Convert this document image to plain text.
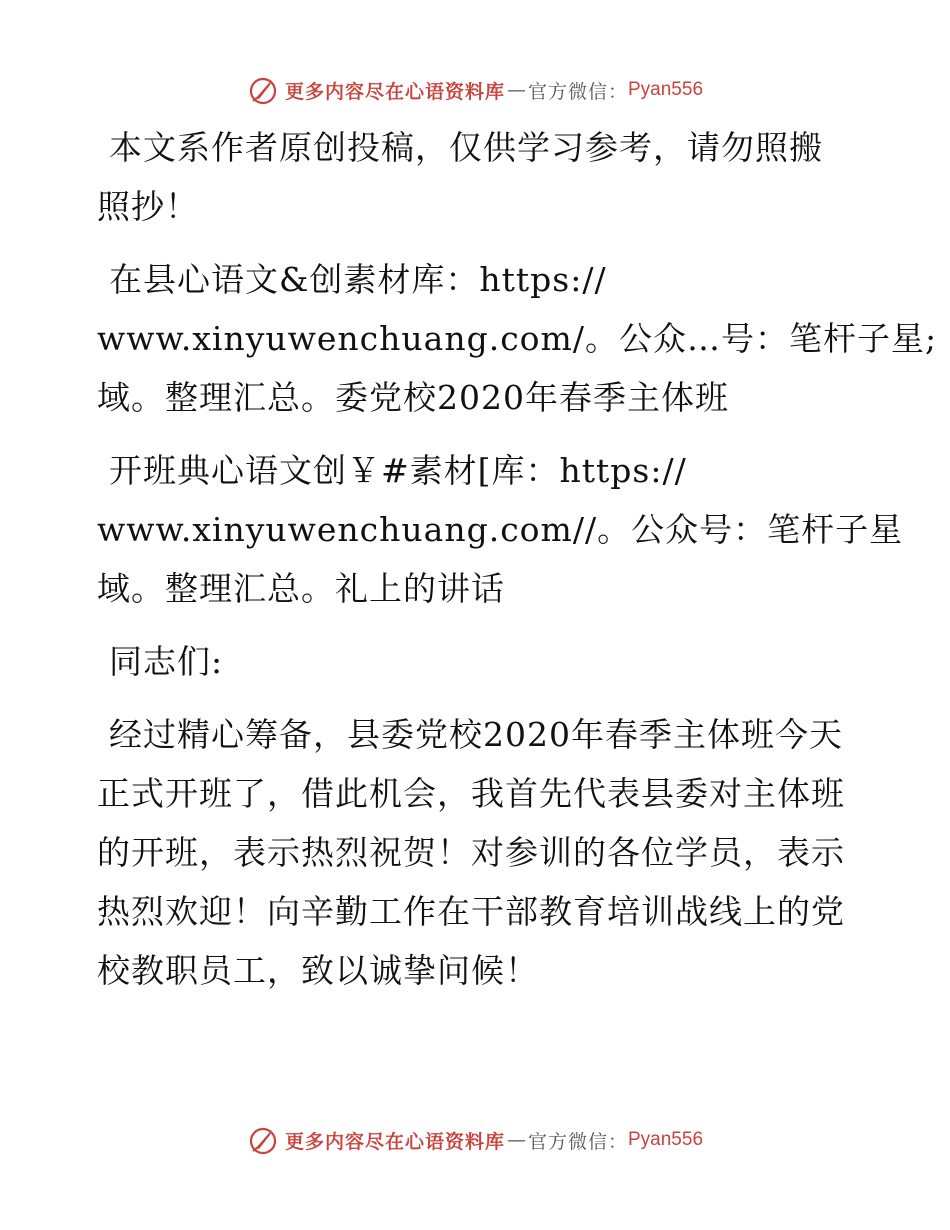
更多内容尽在心语资料库 — 官方微信： Pyan556

本文系作者原创投稿，仅供学习参考，请勿照搬
照抄！

在县心语文&创素材库：https://
www.xinyuwenchuang.com/。公众…号：笔杆子星;
域。整理汇总。委党校2020年春季主体班

开班典心语文创￥#素材[库：https://
www.xinyuwenchuang.com//。公众号：笔杆子星
域。整理汇总。礼上的讲话

同志们:

经过精心筹备，县委党校2020年春季主体班今天
正式开班了，借此机会，我首先代表县委对主体班
的开班，表示热烈祝贺！对参训的各位学员，表示
热烈欢迎！向辛勤工作在干部教育培训战线上的党
校教职员工，致以诚挚问候！

更多内容尽在心语资料库 — 官方微信： Pyan556
